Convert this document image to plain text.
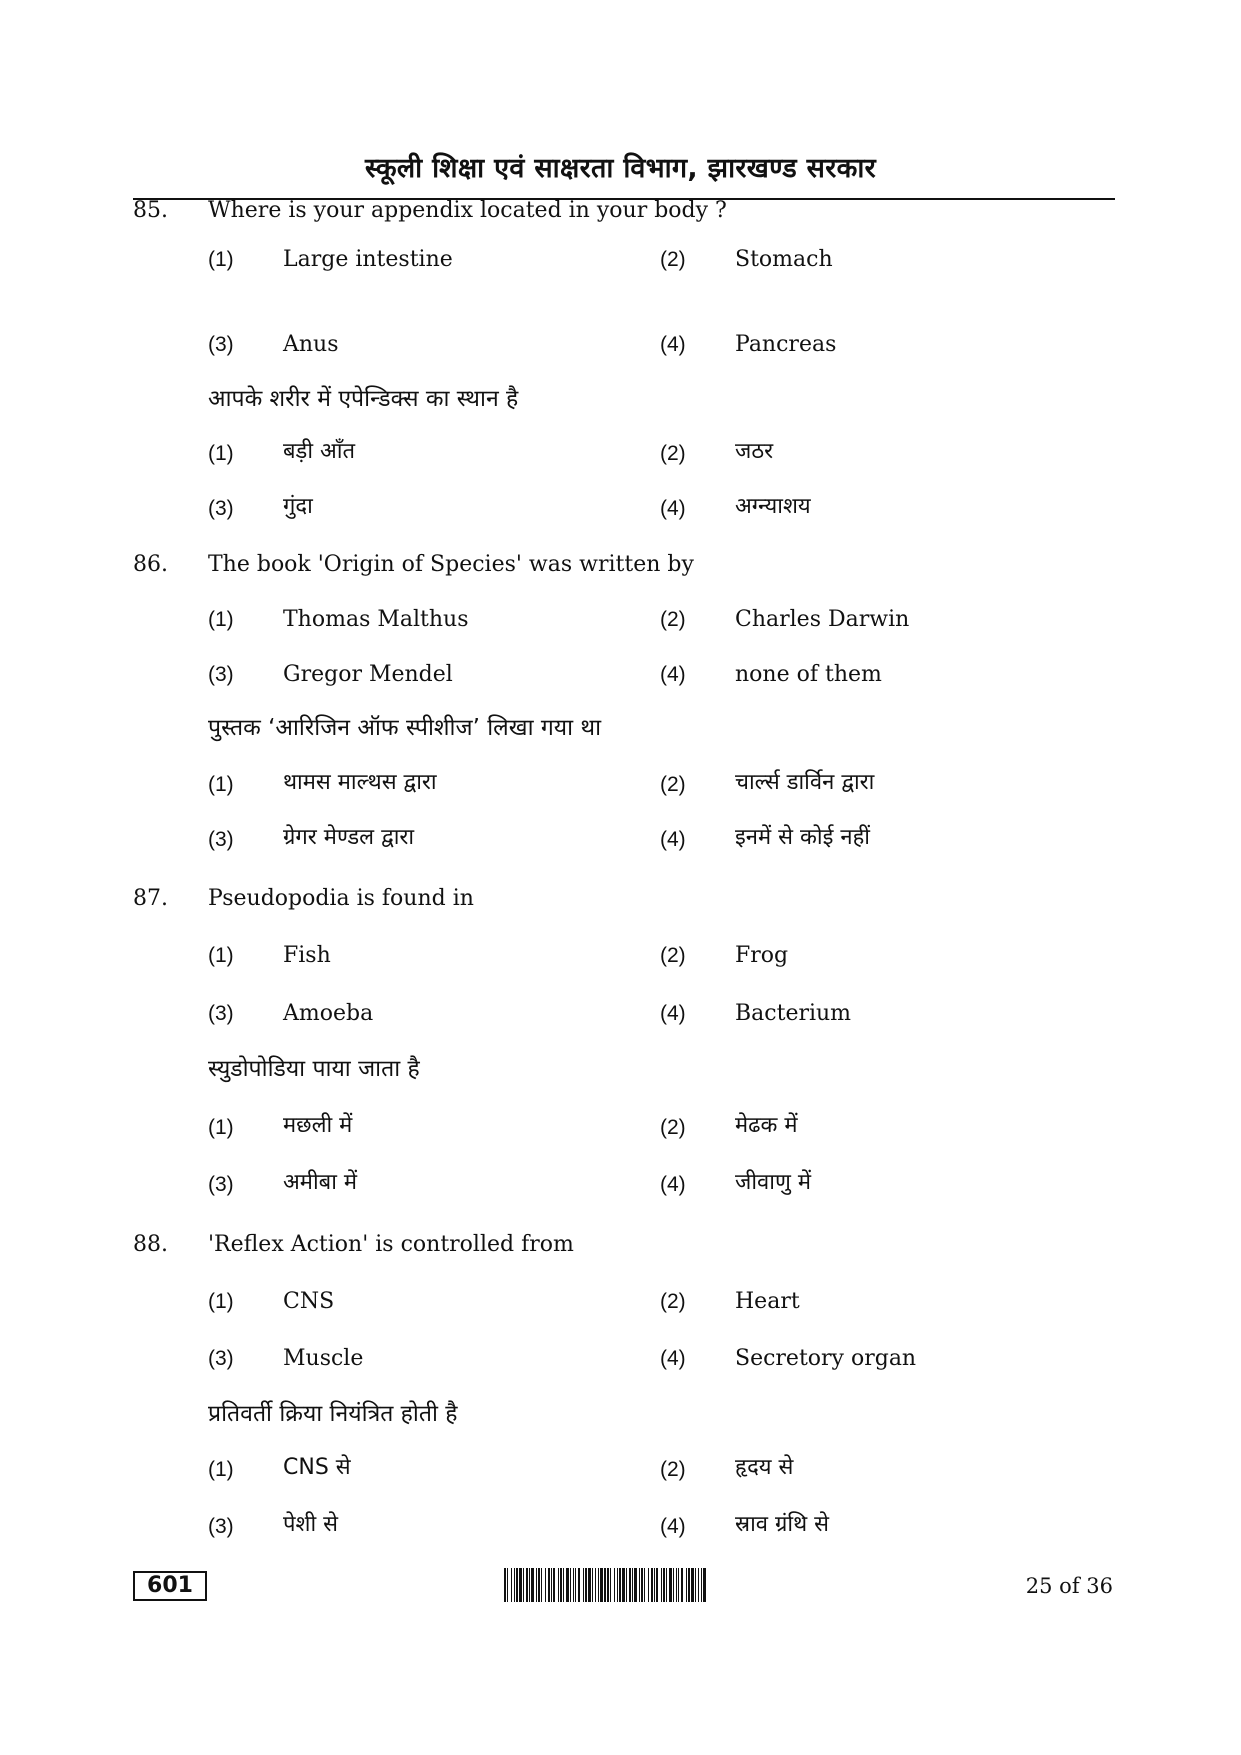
स्कूली शिक्षा एवं साक्षरता विभाग, झारखण्ड सरकार
85. Where is your appendix located in your body ?
(1) Large intestine	(2) Stomach
(3) Anus	(4) Pancreas
आपके शरीर में एपेन्डिक्स का स्थान है
(1) बड़ी आँत	(2) जठर
(3) गुंदा	(4) अग्न्याशय
86. The book 'Origin of Species' was written by
(1) Thomas Malthus	(2) Charles Darwin
(3) Gregor Mendel	(4) none of them
पुस्तक ‘आरिजिन ऑफ स्पीशीज’ लिखा गया था
(1) थामस माल्थस द्वारा	(2) चार्ल्स डार्विन द्वारा
(3) ग्रेगर मेण्डल द्वारा	(4) इनमें से कोई नहीं
87. Pseudopodia is found in
(1) Fish	(2) Frog
(3) Amoeba	(4) Bacterium
स्युडोपोडिया पाया जाता है
(1) मछली में	(2) मेढक में
(3) अमीबा में	(4) जीवाणु में
88. 'Reflex Action' is controlled from
(1) CNS	(2) Heart
(3) Muscle	(4) Secretory organ
प्रतिवर्ती क्रिया नियंत्रित होती है
(1) CNS से	(2) हृदय से
(3) पेशी से	(4) स्राव ग्रंथि से
601	25 of 36
